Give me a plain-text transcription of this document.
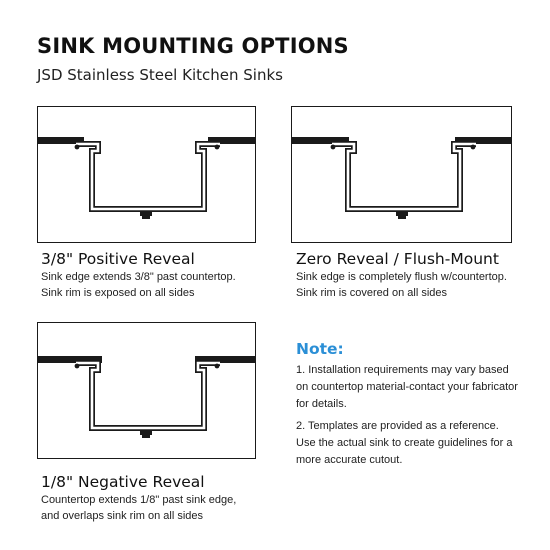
SINK MOUNTING OPTIONS
JSD Stainless Steel Kitchen Sinks
3/8" Positive Reveal
Sink edge extends 3/8" past countertop.
Sink rim is exposed on all sides
Zero Reveal / Flush-Mount
Sink edge is completely flush w/countertop.
Sink rim is covered on all sides
1/8" Negative Reveal
Countertop extends 1/8" past sink edge,
and overlaps sink rim on all sides
Note:
1. Installation requirements may vary based on countertop material-contact your fabricator for details.
2. Templates are provided as a reference. Use the actual sink to create guidelines for a more accurate cutout.
